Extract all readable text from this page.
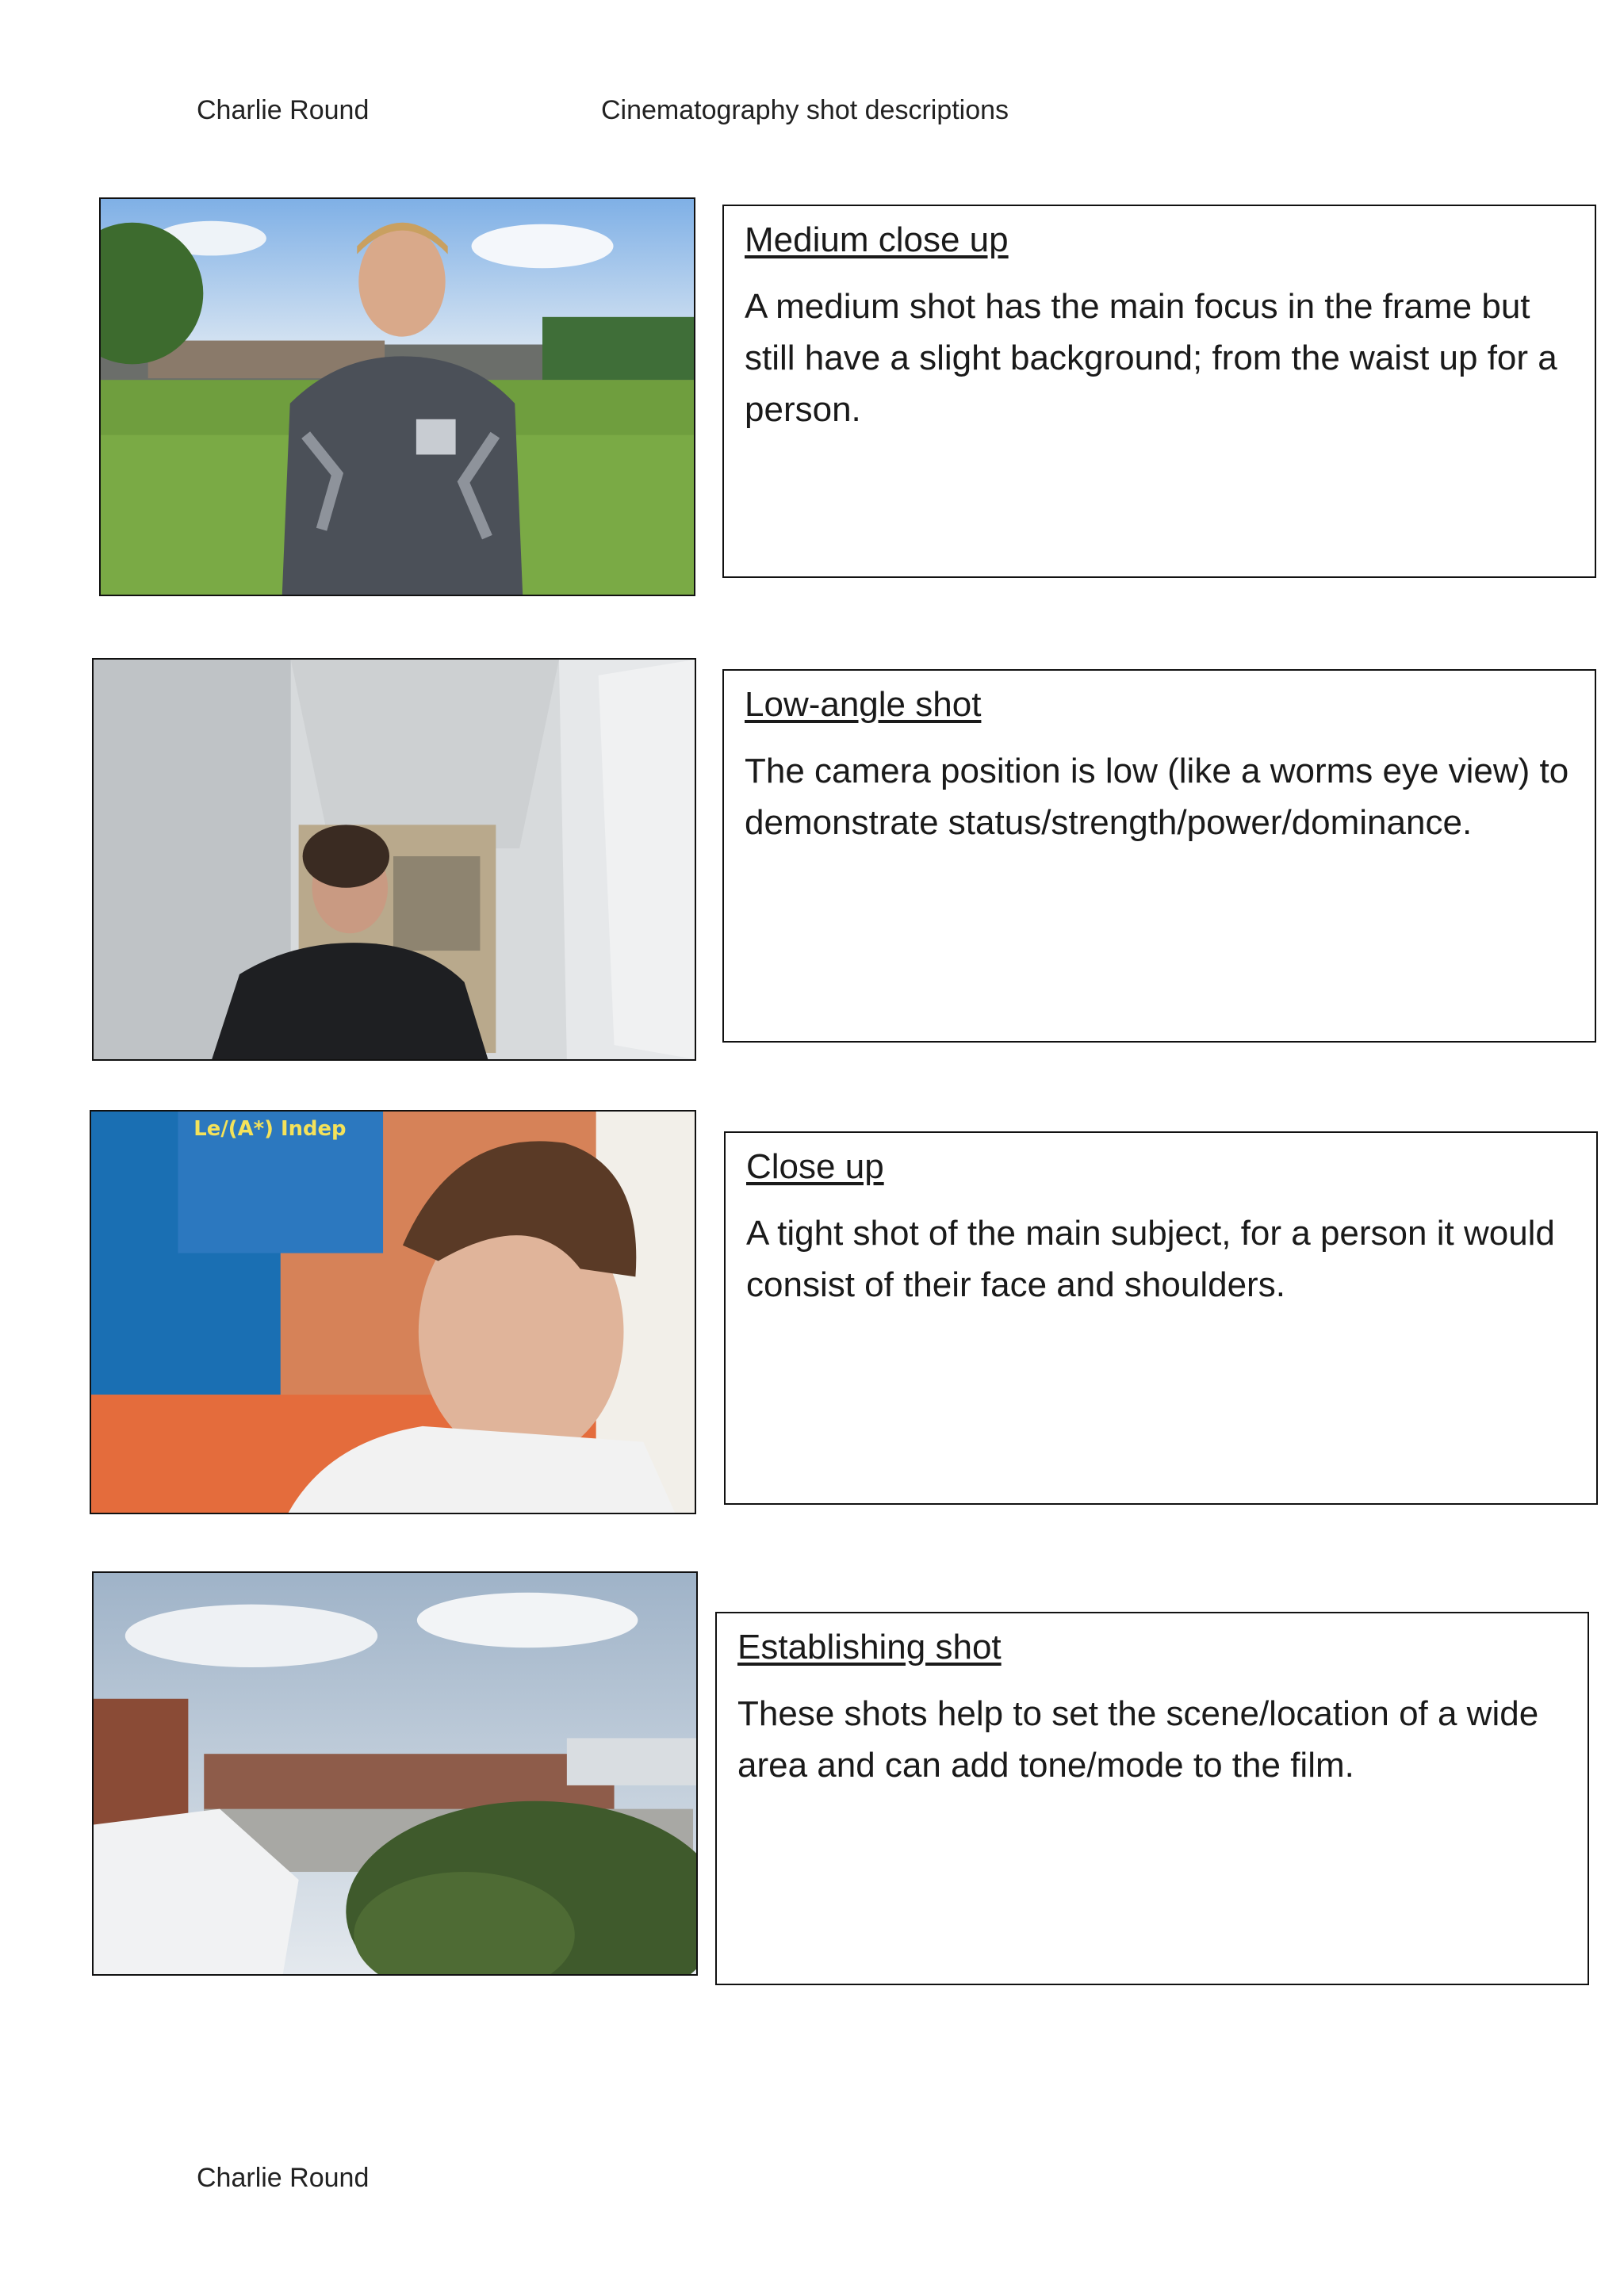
Charlie Round	Cinematography shot descriptions
Medium close up

A medium shot has the main focus in the frame but still have a slight background; from the waist up for a person.

Low-angle shot

The camera position is low (like a worms eye view) to demonstrate status/strength/power/dominance.

Le/(A*) Indep
Close up

A tight shot of the main subject, for a person it would consist of their face and shoulders.

Establishing shot

These shots help to set the scene/location of a wide area and can add tone/mode to the film.

Charlie Round
